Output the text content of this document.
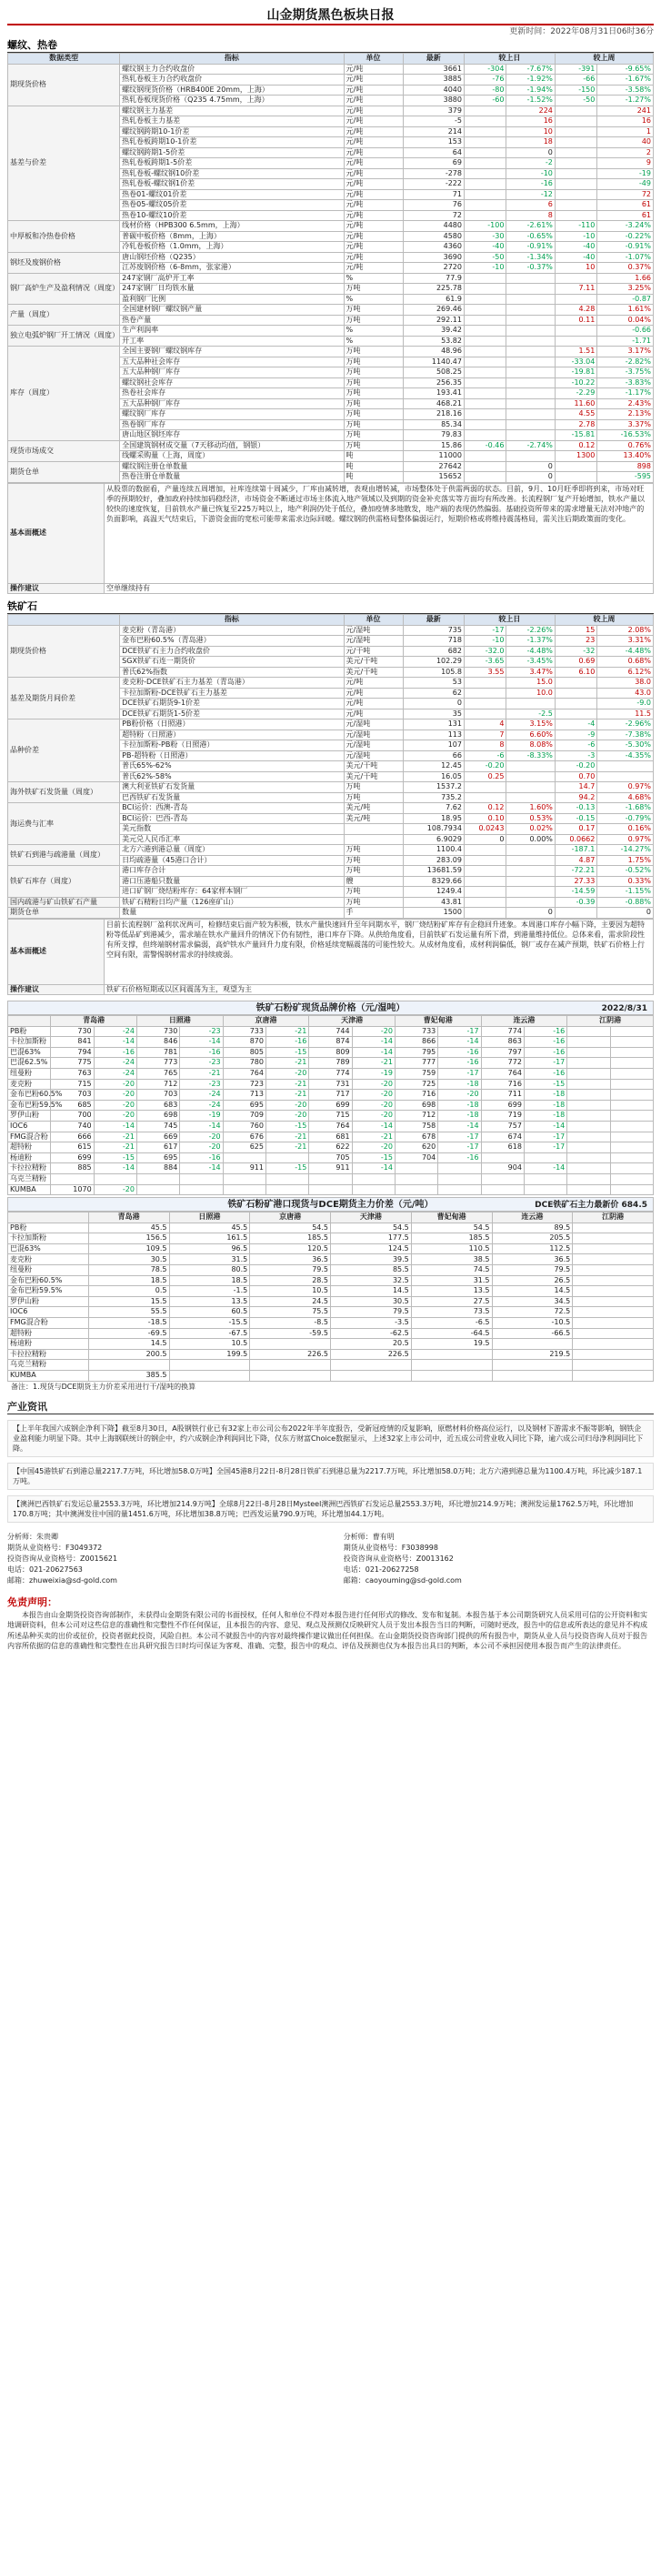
山金期货黑色板块日报
更新时间：2022年08月31日06时36分
螺纹、热卷
数据类型	指标	单位	最新	较上日		较上周	
期现货价格	螺纹钢主力合约收盘价	元/吨	3661	-304	-7.67%	-391	-9.65%
	热轧卷板主力合约收盘价	元/吨	3885	-76	-1.92%	-66	-1.67%
	螺纹钢现货价格（HRB400E 20mm，上海）	元/吨	4040	-80	-1.94%	-150	-3.58%
	热轧卷板现货价格（Q235 4.75mm，上海）	元/吨	3880	-60	-1.52%	-50	-1.27%
基差与价差	螺纹钢主力基差	元/吨	379		224		241
	热轧卷板主力基差	元/吨	-5		16		16
	螺纹钢跨期10-1价差	元/吨	214		10		1
	热轧卷板跨期10-1价差	元/吨	153		18		40
	螺纹钢跨期1-5价差	元/吨	64		0		2
	热轧卷板跨期1-5价差	元/吨	69		-2		9
	热轧卷板-螺纹钢10价差	元/吨	-278		-10		-19
	热轧卷板-螺纹钢1价差	元/吨	-222		-16		-49
	热卷01-螺纹01价差	元/吨	71		-12		72
	热卷05-螺纹05价差	元/吨	76		6		61
	热卷10-螺纹10价差	元/吨	72		8		61
中厚板和冷热卷价格	线材价格（HPB300 6.5mm，上海）	元/吨	4480	-100	-2.61%	-110	-3.24%
	普碳中板价格（8mm，上海）	元/吨	4580	-30	-0.65%	-10	-0.22%
	冷轧卷板价格（1.0mm，上海）	元/吨	4360	-40	-0.91%	-40	-0.91%
钢坯及废钢价格	唐山钢坯价格（Q235）	元/吨	3690	-50	-1.34%	-40	-1.07%
	江苏废钢价格（6-8mm，张家港）	元/吨	2720	-10	-0.37%	10	0.37%
钢厂高炉生产及盈利情况（周度）	247家钢厂高炉开工率	%	77.9				1.66
	247家钢厂日均铁水量	万吨	225.78			7.11	3.25%
	盈利钢厂比例	%	61.9				-0.87
产量（周度）	全国建材钢厂螺纹钢产量	万吨	269.46			4.28	1.61%
	热卷产量	万吨	292.11			0.11	0.04%
独立电弧炉钢厂开工情况（周度）	生产利润率	%	39.42				-0.66
	开工率	%	53.82				-1.71
库存（周度）	全国主要钢厂螺纹钢库存	万吨	48.96			1.51	3.17%
	五大品种社会库存	万吨	1140.47			-33.04	-2.82%
	五大品种钢厂库存	万吨	508.25			-19.81	-3.75%
	螺纹钢社会库存	万吨	256.35			-10.22	-3.83%
	热卷社会库存	万吨	193.41			-2.29	-1.17%
	五大品种钢厂库存	万吨	468.21			11.60	2.43%
	螺纹钢厂库存	万吨	218.16			4.55	2.13%
	热卷钢厂库存	万吨	85.34			2.78	3.37%
	唐山地区钢坯库存	万吨	79.83			-15.81	-16.53%
现货市场成交	全国建筑钢材成交量（7天移动均值，钢银）	万吨	15.86	-0.46	-2.74%	0.12	0.76%
	线螺采购量（上海，周度）	吨	11000			1300	13.40%
期货仓单	螺纹钢注册仓单数量	吨	27642		0		898
	热卷注册仓单数量	吨	15652		0		-595
基本面概述	从股票的数据看，产量连续五周增加，社库连续第十周减少，厂库由减转增，表观由增转减，市场整体处于供需两弱的状态。目前，9月、10月旺季即将到来，市场对旺季的预期较好，叠加政府持续加码稳经济，市场资金不断通过市场主体流入地产领域以及到期的资金补充落实等方面均有所改善。长流程钢厂复产开始增加，铁水产量以较快的速度恢复，目前铁水产量已恢复至225万吨以上，地产利润仍处于低位，叠加疫情多地散发，地产端的表现仍然偏弱。基础投资所带来的需求增量无法对冲地产的负面影响，高温天气结束后，下游资金面的宽松可能带来需求边际回暖。螺纹钢的供需格局整体偏弱运行，短期价格或将维持震荡格局，需关注后期政策面的变化。
操作建议	空单继续持有
铁矿石
	指标	单位	最新	较上日		较上周	
期现货价格	麦克粉（青岛港）	元/湿吨	735	-17	-2.26%	15	2.08%
	金布巴粉60.5%（青岛港）	元/湿吨	718	-10	-1.37%	23	3.31%
	DCE铁矿石主力合约收盘价	元/干吨	682	-32.0	-4.48%	-32	-4.48%
	SGX铁矿石连一期货价	美元/干吨	102.29	-3.65	-3.45%	0.69	0.68%
	普氏62%指数	美元/干吨	105.8	3.55	3.47%	6.10	6.12%
基差及期货月间价差	麦克粉-DCE铁矿石主力基差（青岛港）	元/吨	53		15.0		38.0
	卡拉加斯粉-DCE铁矿石主力基差	元/吨	62		10.0		43.0
	DCE铁矿石期货9-1价差	元/吨	0				-9.0
	DCE铁矿石期货1-5价差	元/吨	35		-2.5		11.5
品种价差	PB粉价格（日照港）	元/湿吨	131	4	3.15%	-4	-2.96%
	超特粉（日照港）	元/湿吨	113	7	6.60%	-9	-7.38%
	卡拉加斯粉-PB粉（日照港）	元/湿吨	107	8	8.08%	-6	-5.30%
	PB-超特粉（日照港）	元/湿吨	66	-6	-8.33%	-3	-4.35%
	普氏65%-62%	美元/干吨	12.45	-0.20		-0.20	
	普氏62%-58%	美元/干吨	16.05	0.25		0.70	
海外铁矿石发货量（周度）	澳大利亚铁矿石发货量	万吨	1537.2			14.7	0.97%
	巴西铁矿石发货量	万吨	735.2			94.2	4.68%
海运费与汇率	BCI运价：西澳-青岛	美元/吨	7.62	0.12	1.60%	-0.13	-1.68%
	BCI运价：巴西-青岛	美元/吨	18.95	0.10	0.53%	-0.15	-0.79%
	美元指数		108.7934	0.0243	0.02%	0.17	0.16%
	美元兑人民币汇率		6.9029	0	0.00%	0.0662	0.97%
铁矿石到港与疏港量（周度）	北方六港到港总量（周度）	万吨	1100.4			-187.1	-14.27%
	日均疏港量（45港口合计）	万吨	283.09			4.87	1.75%
铁矿石库存（周度）	港口库存合计	万吨	13681.59			-72.21	-0.52%
	港口压港船只数量	艘	8329.66			27.33	0.33%
	进口矿钢厂烧结粉库存：64家样本钢厂	万吨	1249.4			-14.59	-1.15%
国内疏港与矿山铁矿石产量	铁矿石精粉日均产量（126座矿山）	万吨	43.81			-0.39	-0.88%
期货仓单	数量	手	1500		0		0
基本面概述	目前长流程钢厂盈利状况两可，检修结束后面产较为积极，铁水产量快速回升至年同期水平，钢厂烧结粉矿库存有企稳回升迹象。本周港口库存小幅下降，主要因为超特粉等低品矿到港减少，需求端在铁水产量回升的情况下仍有韧性，港口库存下降。从供给角度看，目前铁矿石发运量有所下滑，到港量维持低位。总体来看，需求阶段性有所支撑，但终端钢材需求偏弱，高炉铁水产量回升力度有限，价格延续宽幅震荡的可能性较大。从成材角度看，成材利润偏低，钢厂或存在减产预期，铁矿石价格上行空间有限，需警惕钢材需求的持续疲弱。
操作建议	铁矿石价格短期或以区间震荡为主，观望为主
铁矿石粉矿现货品牌价格（元/湿吨）	2022/8/31
	青岛港		日照港		京唐港		天津港		曹妃甸港		连云港		江阴港	
PB粉	730	-24	730	-23	733	-21	744	-20	733	-17	774	-16		
卡拉加斯粉	841	-14	846	-14	870	-16	874	-14	866	-14	863	-16		
巴混63%	794	-16	781	-16	805	-15	809	-14	795	-16	797	-16		
巴混62.5%	775	-24	773	-23	780	-21	789	-21	777	-16	772	-17		
纽曼粉	763	-24	765	-21	764	-20	774	-19	759	-17	764	-16		
麦克粉	715	-20	712	-23	723	-21	731	-20	725	-18	716	-15		
金布巴粉60.5%	703	-20	703	-24	713	-21	717	-20	716	-20	711	-18		
金布巴粉59.5%	685	-20	683	-24	695	-20	699	-20	698	-18	699	-18		
罗伊山粉	700	-20	698	-19	709	-20	715	-20	712	-18	719	-18		
IOC6	740	-14	745	-14	760	-15	764	-14	758	-14	757	-14		
FMG混合粉	666	-21	669	-20	676	-21	681	-21	678	-17	674	-17		
超特粉	615	-21	617	-20	625	-21	622	-20	620	-17	618	-17		
杨迪粉	699	-15	695	-16			705	-15	704	-16				
卡拉拉精粉	885	-14	884	-14	911	-15	911	-14			904	-14		
乌克兰精粉														
KUMBA	1070	-20												
铁矿石粉矿港口现货与DCE期货主力价差（元/吨）	DCE铁矿石主力最新价 684.5
	青岛港	日照港	京唐港	天津港	曹妃甸港	连云港	江阴港
PB粉	45.5	45.5	54.5	54.5	54.5	89.5	
卡拉加斯粉	156.5	161.5	185.5	177.5	185.5	205.5	
巴混63%	109.5	96.5	120.5	124.5	110.5	112.5	
麦克粉	30.5	31.5	36.5	39.5	38.5	36.5	
纽曼粉	78.5	80.5	79.5	85.5	74.5	79.5	
金布巴粉60.5%	18.5	18.5	28.5	32.5	31.5	26.5	
金布巴粉59.5%	0.5	-1.5	10.5	14.5	13.5	14.5	
罗伊山粉	15.5	13.5	24.5	30.5	27.5	34.5	
IOC6	55.5	60.5	75.5	79.5	73.5	72.5	
FMG混合粉	-18.5	-15.5	-8.5	-3.5	-6.5	-10.5	
超特粉	-69.5	-67.5	-59.5	-62.5	-64.5	-66.5	
杨迪粉	14.5	10.5		20.5	19.5		
卡拉拉精粉	200.5	199.5	226.5	226.5		219.5	
乌克兰精粉							
KUMBA	385.5						
备注：1.现货与DCE期货主力价差采用进行干/湿吨的换算
产业资讯
【上半年我国六成钢企净利下降】截至8月30日，A股钢铁行业已有32家上市公司公布2022年半年度报告，受新冠疫情的反复影响，原燃材料价格高位运行，以及钢材下游需求不振等影响，钢铁企业盈利能力明显下降。其中上海钢联统计的钢企中，约六成钢企净利润同比下降，仅东方财富Choice数据显示，上述32家上市公司中，近五成公司营业收入同比下降，逾六成公司归母净利润同比下降。
【中国45港铁矿石到港总量2217.7万吨，环比增加58.0万吨】全国45港8月22日-8月28日铁矿石到港总量为2217.7万吨，环比增加58.0万吨；北方六港到港总量为1100.4万吨，环比减少187.1万吨。
【澳洲巴西铁矿石发运总量2553.3万吨，环比增加214.9万吨】全球8月22日-8月28日Mysteel澳洲巴西铁矿石发运总量2553.3万吨，环比增加214.9万吨；澳洲发运量1762.5万吨，环比增加170.8万吨；其中澳洲发往中国的量1451.6万吨，环比增加38.8万吨；巴西发运量790.9万吨，环比增加44.1万吨。
分析师：朱贵卿
期货从业资格号：F3049372
投资咨询从业资格号：Z0015621
电话：021-20627563
邮箱：zhuweixia@sd-gold.com
分析师：曹有明
期货从业资格号：F3038998
投资咨询从业资格号：Z0013162
电话：021-20627258
邮箱：caoyouming@sd-gold.com
免责声明：
本报告由山金期货投资咨询部制作，未获得山金期货有限公司的书面授权，任何人和单位不得对本报告进行任何形式的修改、发布和复制。本报告基于本公司期货研究人员采用可信的公开资料和实地调研资料，但本公司对这些信息的准确性和完整性不作任何保证，且本报告的内容、意见、观点及预测仅反映研究人员于发出本报告当日的判断，可随时更改，报告中的信息或所表达的意见并不构成所述品种买卖的出价或征价，投资者据此投资，风险自担。本公司不就报告中的内容对最终操作建议做出任何担保。在山金期货投资咨询部门提供的所有报告中，期货从业人员与投资咨询人员对于报告内容所依据的信息的准确性和完整性在出具研究报告日时均可保证为客观、准确、完整，报告中的观点、评估及预测也仅为本报告出具日的判断，本公司不承担因使用本报告而产生的法律责任。
